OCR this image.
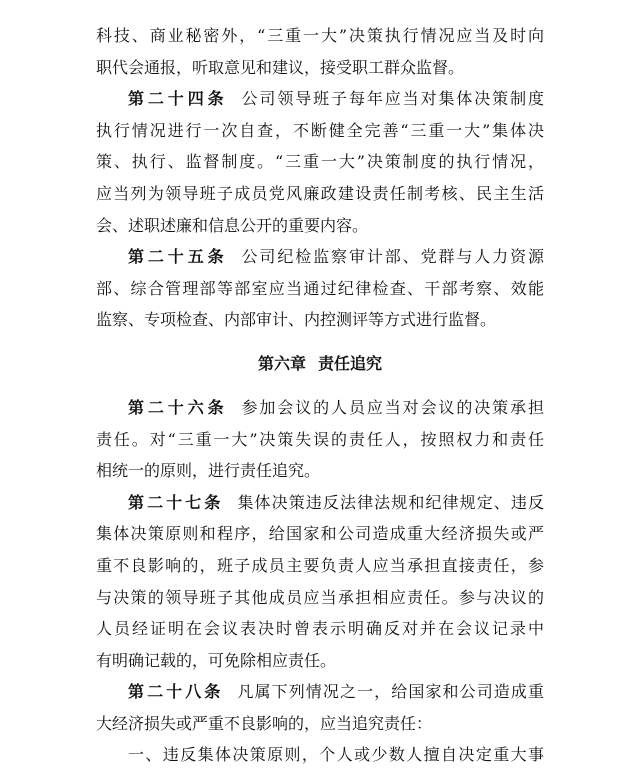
科技、商业秘密外，“三重一大”决策执行情况应当及时向
职代会通报，听取意见和建议，接受职工群众监督。
第二十四条 公司领导班子每年应当对集体决策制度
执行情况进行一次自查，不断健全完善“三重一大”集体决
策、执行、监督制度。“三重一大”决策制度的执行情况，
应当列为领导班子成员党风廉政建设责任制考核、民主生活
会、述职述廉和信息公开的重要内容。
第二十五条 公司纪检监察审计部、党群与人力资源
部、综合管理部等部室应当通过纪律检查、干部考察、效能
监察、专项检查、内部审计、内控测评等方式进行监督。
第六章 责任追究
第二十六条 参加会议的人员应当对会议的决策承担
责任。对“三重一大”决策失误的责任人，按照权力和责任
相统一的原则，进行责任追究。
第二十七条 集体决策违反法律法规和纪律规定、违反
集体决策原则和程序，给国家和公司造成重大经济损失或严
重不良影响的，班子成员主要负责人应当承担直接责任，参
与决策的领导班子其他成员应当承担相应责任。参与决议的
人员经证明在会议表决时曾表示明确反对并在会议记录中
有明确记载的，可免除相应责任。
第二十八条 凡属下列情况之一，给国家和公司造成重
大经济损失或严重不良影响的，应当追究责任：
一、违反集体决策原则，个人或少数人擅自决定重大事
